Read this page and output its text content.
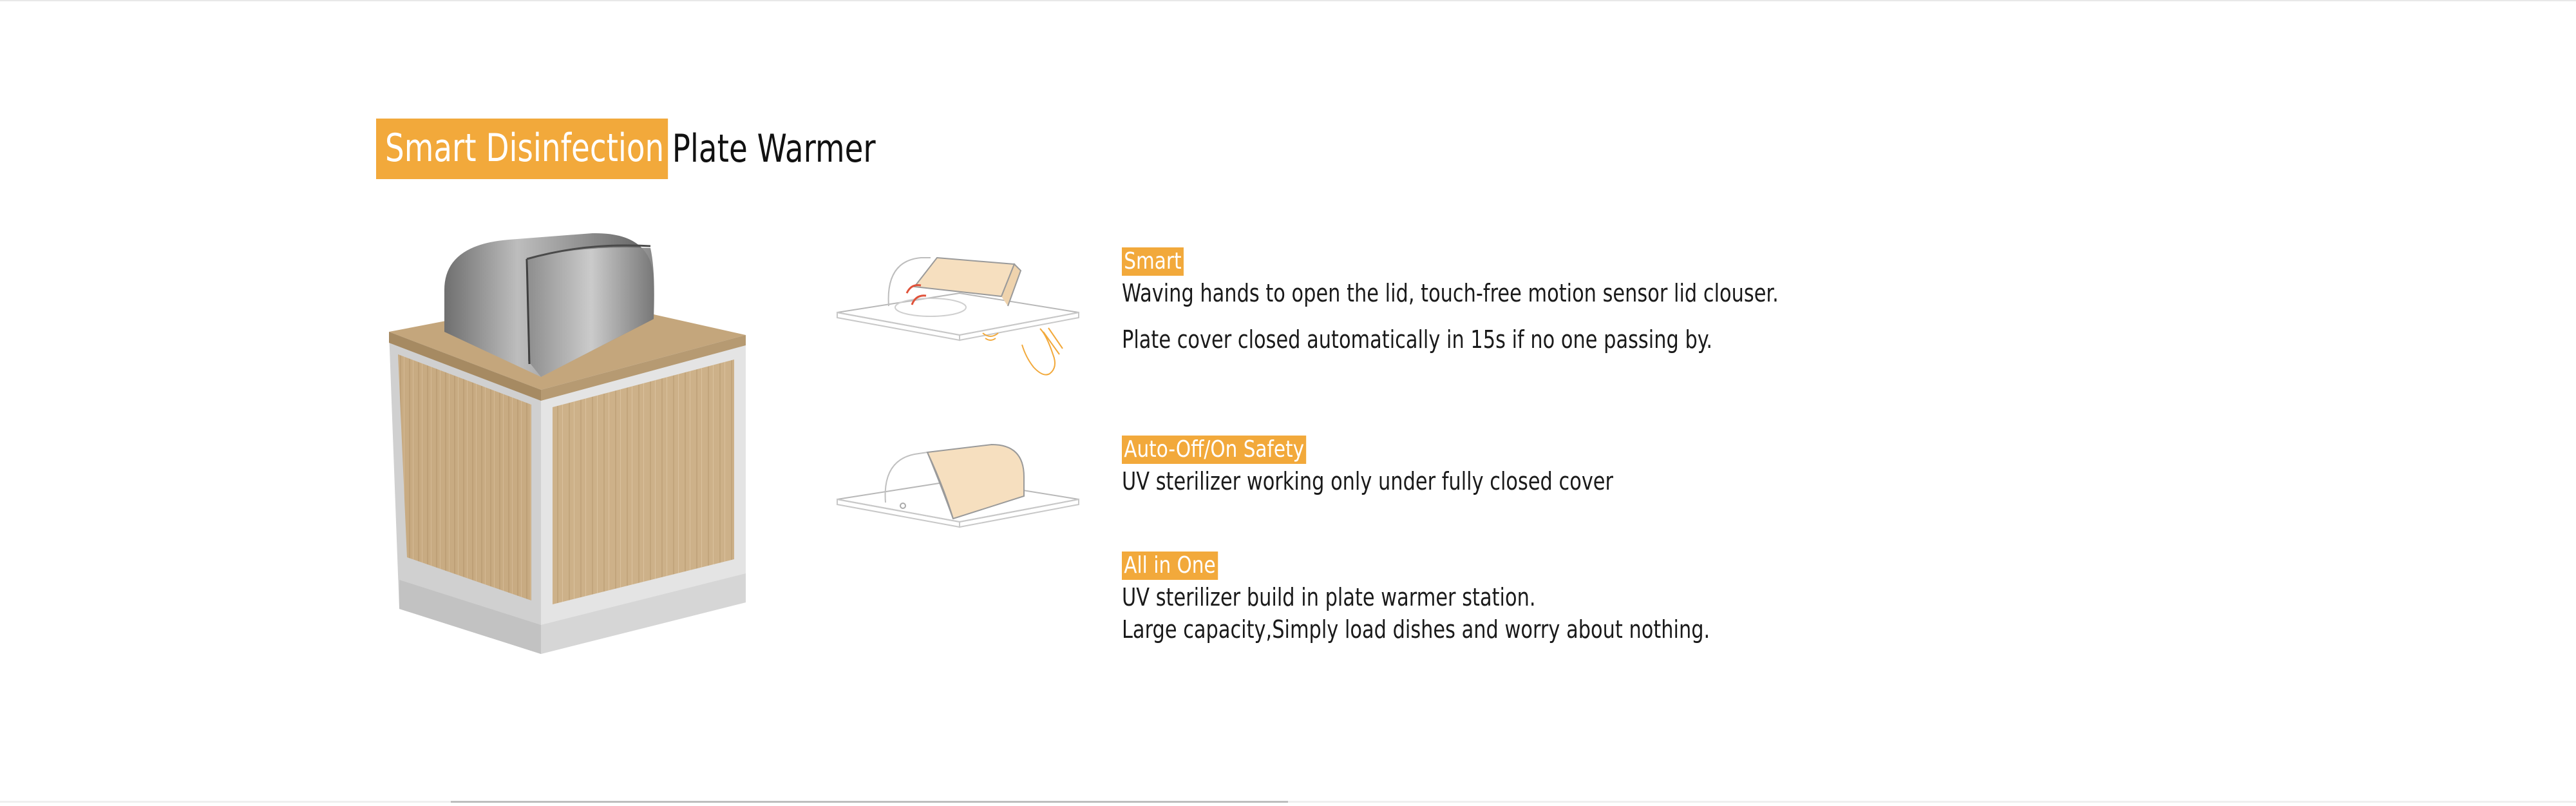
Smart Disinfection Plate Warmer
Smart
Waving hands to open the lid, touch-free motion sensor lid clouser.
Plate cover closed automatically in 15s if no one passing by.
Auto-Off/On Safety
UV sterilizer working only under fully closed cover
All in One
UV sterilizer build in plate warmer station.
Large capacity,Simply load dishes and worry about nothing.
